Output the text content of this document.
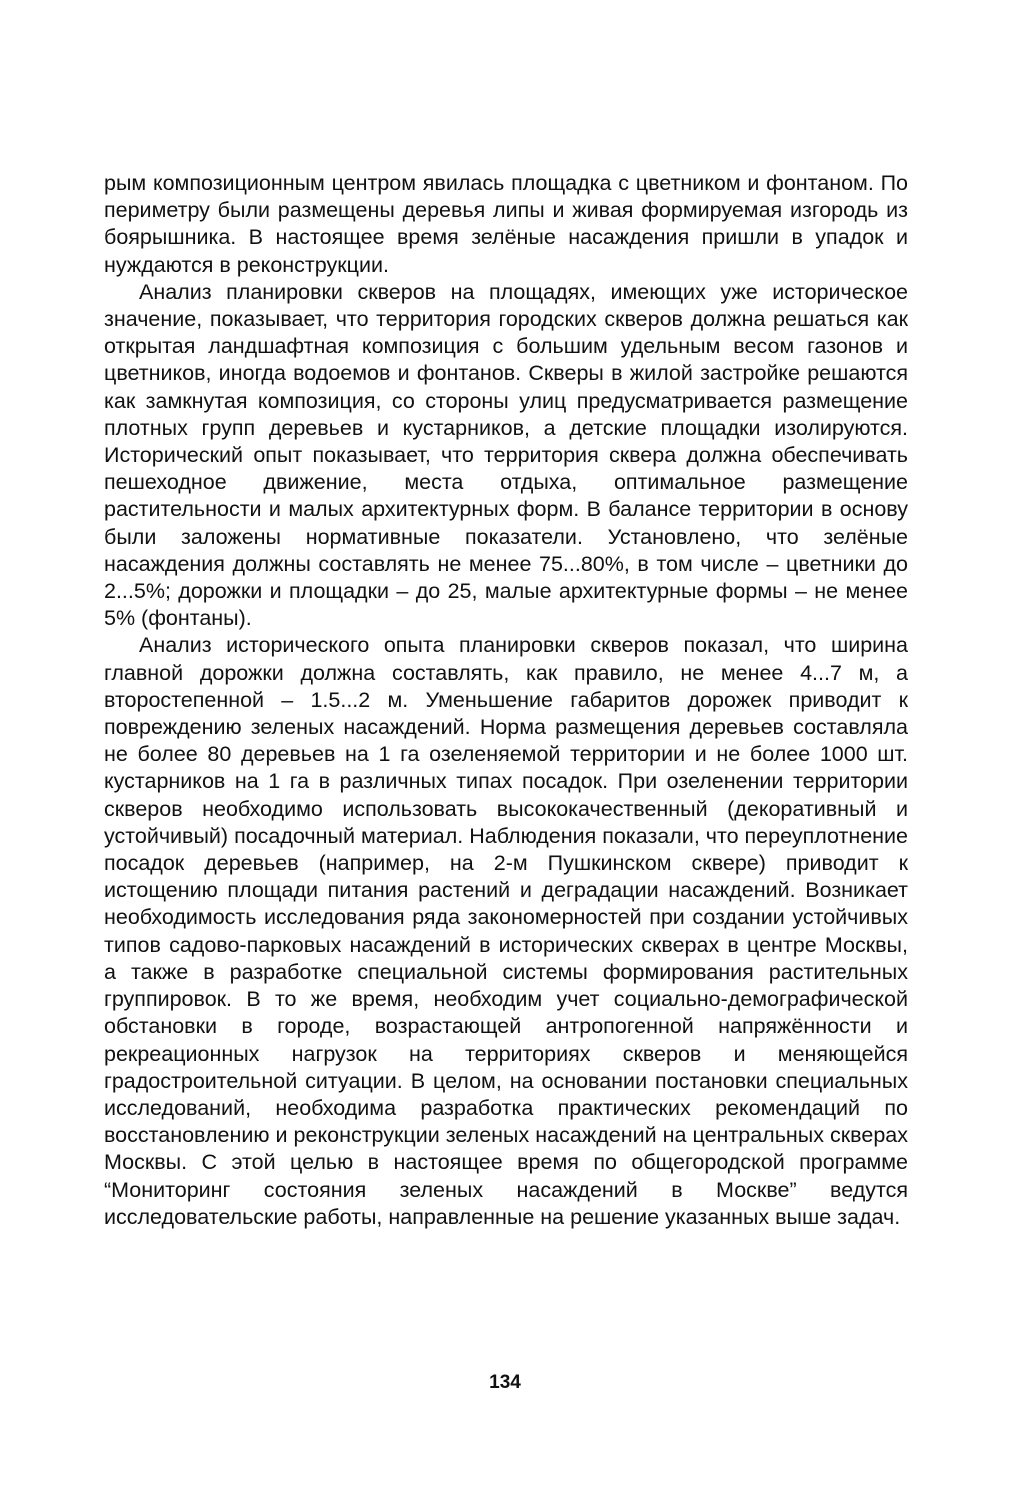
рым композиционным центром явилась площадка с цветником и фонтаном. По периметру были размещены деревья липы и живая формируемая изгородь из боярышника. В настоящее время зелёные насаждения пришли в упадок и нуждаются в реконструкции.

Анализ планировки скверов на площадях, имеющих уже историческое значение, показывает, что территория городских скверов должна решаться как открытая ландшафтная композиция с большим удельным весом газонов и цветников, иногда водоемов и фонтанов. Скверы в жилой застройке решаются как замкнутая композиция, со стороны улиц предусматривается размещение плотных групп деревьев и кустарников, а детские площадки изолируются. Исторический опыт показывает, что территория сквера должна обеспечивать пешеходное движение, места отдыха, оптимальное размещение растительности и малых архитектурных форм. В балансе территории в основу были заложены нормативные показатели. Установлено, что зелёные насаждения должны составлять не менее 75...80%, в том числе – цветники до 2...5%; дорожки и площадки – до 25, малые архитектурные формы – не менее 5% (фонтаны).

Анализ исторического опыта планировки скверов показал, что ширина главной дорожки должна составлять, как правило, не менее 4...7 м, а второстепенной – 1.5...2 м. Уменьшение габаритов дорожек приводит к повреждению зеленых насаждений. Норма размещения деревьев составляла не более 80 деревьев на 1 га озеленяемой территории и не более 1000 шт. кустарников на 1 га в различных типах посадок. При озеленении территории скверов необходимо использовать высококачественный (декоративный и устойчивый) посадочный материал. Наблюдения показали, что переуплотнение посадок деревьев (например, на 2-м Пушкинском сквере) приводит к истощению площади питания растений и деградации насаждений. Возникает необходимость исследования ряда закономерностей при создании устойчивых типов садово-парковых насаждений в исторических скверах в центре Москвы, а также в разработке специальной системы формирования растительных группировок. В то же время, необходим учет социально-демографической обстановки в городе, возрастающей антропогенной напряжённости и рекреационных нагрузок на территориях скверов и меняющейся градостроительной ситуации. В целом, на основании постановки специальных исследований, необходима разработка практических рекомендаций по восстановлению и реконструкции зеленых насаждений на центральных скверах Москвы. С этой целью в настоящее время по общегородской программе “Мониторинг состояния зеленых насаждений в Москве” ведутся исследовательские работы, направленные на решение указанных выше задач.

134
